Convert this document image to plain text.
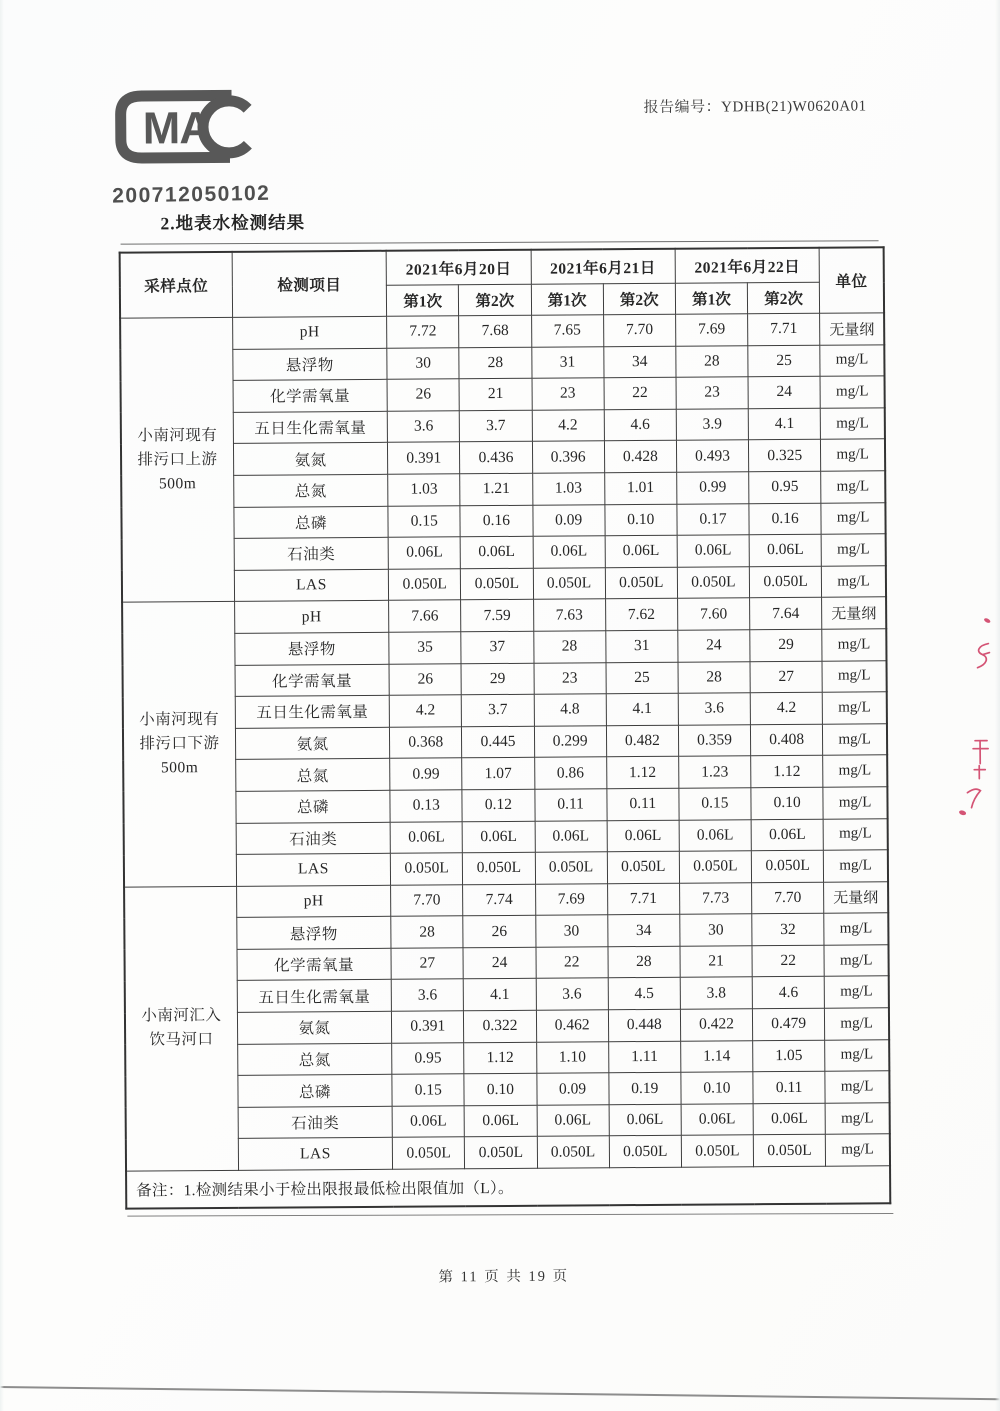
MA
200712050102
报告编号：YDHB(21)W0620A01
2.地表水检测结果
采样点位	检测项目	2021年6月20日		2021年6月21日		2021年6月22日		单位
		第1次	第2次	第1次	第2次	第1次	第2次	
小南河现有排污口上游500m	pH	7.72	7.68	7.65	7.70	7.69	7.71	无量纲
	悬浮物	30	28	31	34	28	25	mg/L
	化学需氧量	26	21	23	22	23	24	mg/L
	五日生化需氧量	3.6	3.7	4.2	4.6	3.9	4.1	mg/L
	氨氮	0.391	0.436	0.396	0.428	0.493	0.325	mg/L
	总氮	1.03	1.21	1.03	1.01	0.99	0.95	mg/L
	总磷	0.15	0.16	0.09	0.10	0.17	0.16	mg/L
	石油类	0.06L	0.06L	0.06L	0.06L	0.06L	0.06L	mg/L
	LAS	0.050L	0.050L	0.050L	0.050L	0.050L	0.050L	mg/L
小南河现有排污口下游500m	pH	7.66	7.59	7.63	7.62	7.60	7.64	无量纲
	悬浮物	35	37	28	31	24	29	mg/L
	化学需氧量	26	29	23	25	28	27	mg/L
	五日生化需氧量	4.2	3.7	4.8	4.1	3.6	4.2	mg/L
	氨氮	0.368	0.445	0.299	0.482	0.359	0.408	mg/L
	总氮	0.99	1.07	0.86	1.12	1.23	1.12	mg/L
	总磷	0.13	0.12	0.11	0.11	0.15	0.10	mg/L
	石油类	0.06L	0.06L	0.06L	0.06L	0.06L	0.06L	mg/L
	LAS	0.050L	0.050L	0.050L	0.050L	0.050L	0.050L	mg/L
小南河汇入饮马河口	pH	7.70	7.74	7.69	7.71	7.73	7.70	无量纲
	悬浮物	28	26	30	34	30	32	mg/L
	化学需氧量	27	24	22	28	21	22	mg/L
	五日生化需氧量	3.6	4.1	3.6	4.5	3.8	4.6	mg/L
	氨氮	0.391	0.322	0.462	0.448	0.422	0.479	mg/L
	总氮	0.95	1.12	1.10	1.11	1.14	1.05	mg/L
	总磷	0.15	0.10	0.09	0.19	0.10	0.11	mg/L
	石油类	0.06L	0.06L	0.06L	0.06L	0.06L	0.06L	mg/L
	LAS	0.050L	0.050L	0.050L	0.050L	0.050L	0.050L	mg/L
备注：1.检测结果小于检出限报最低检出限值加（L）。								
第 11 页 共 19 页
